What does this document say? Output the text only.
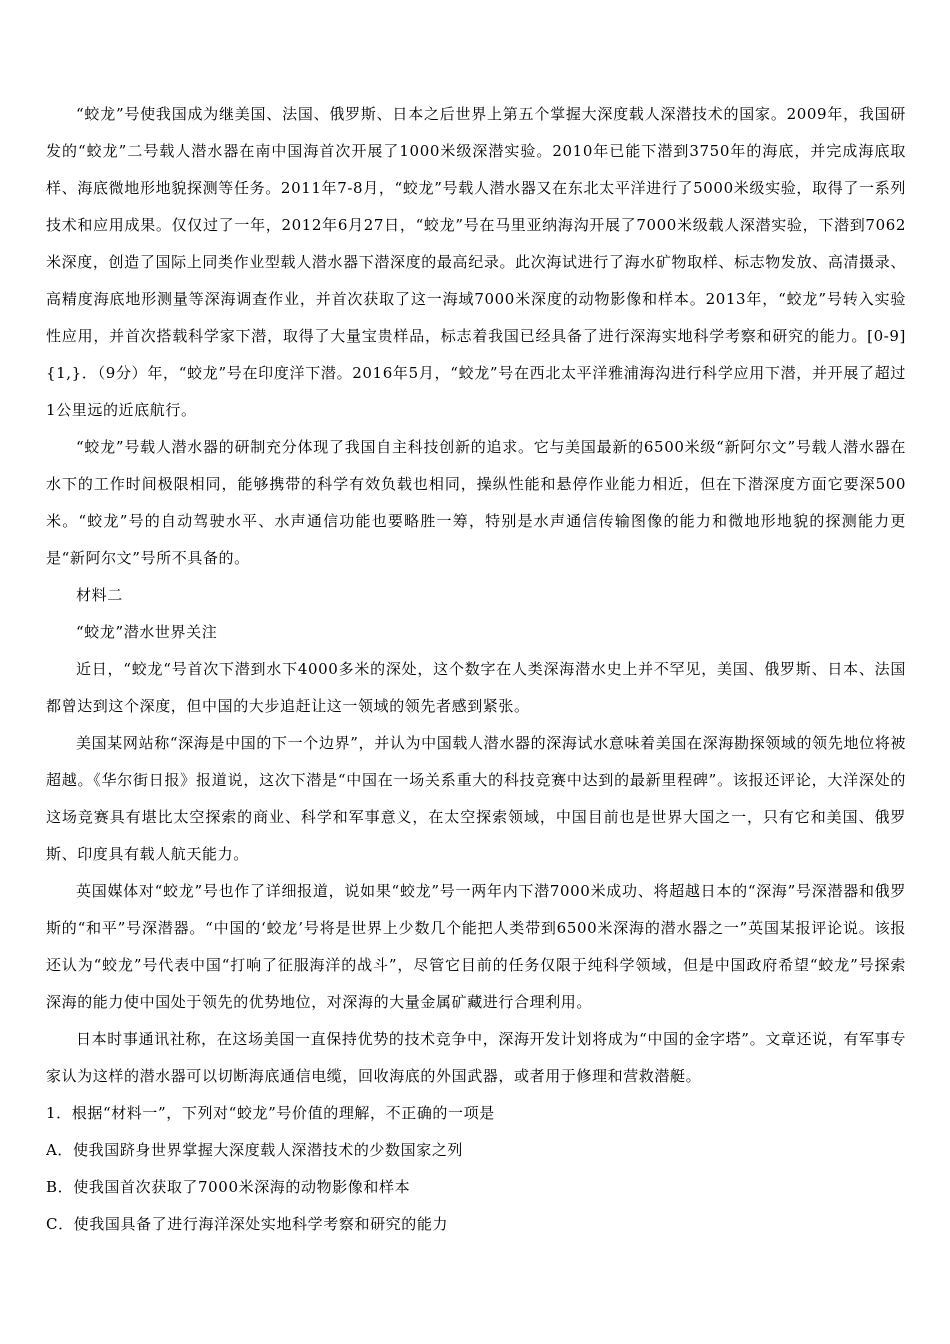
“蛟龙”号使我国成为继美国、法国、俄罗斯、日本之后世界上第五个掌握大深度载人深潜技术的国家。2009年，我国研发的“蛟龙”二号载人潜水器在南中国海首次开展了1000米级深潜实验。2010年已能下潜到3750年的海底，并完成海底取样、海底微地形地貌探测等任务。2011年7-8月，“蛟龙”号载人潜水器又在东北太平洋进行了5000米级实验，取得了一系列技术和应用成果。仅仅过了一年，2012年6月27日，“蛟龙”号在马里亚纳海沟开展了7000米级载人深潜实验，下潜到7062米深度，创造了国际上同类作业型载人潜水器下潜深度的最高纪录。此次海试进行了海水矿物取样、标志物发放、高清摄录、高精度海底地形测量等深海调查作业，并首次获取了这一海域7000米深度的动物影像和样本。2013年，“蛟龙”号转入实验性应用，并首次搭载科学家下潜，取得了大量宝贵样品，标志着我国已经具备了进行深海实地科学考察和研究的能力。[0-9]{1,}．（9分）年，“蛟龙”号在印度洋下潜。2016年5月，“蛟龙”号在西北太平洋雅浦海沟进行科学应用下潜，并开展了超过1公里远的近底航行。

“蛟龙”号载人潜水器的研制充分体现了我国自主科技创新的追求。它与美国最新的6500米级“新阿尔文”号载人潜水器在水下的工作时间极限相同，能够携带的科学有效负载也相同，操纵性能和悬停作业能力相近，但在下潜深度方面它要深500米。“蛟龙”号的自动驾驶水平、水声通信功能也要略胜一筹，特别是水声通信传输图像的能力和微地形地貌的探测能力更是“新阿尔文”号所不具备的。

材料二

“蛟龙”潜水世界关注

近日，“蛟龙“号首次下潜到水下4000多米的深处，这个数字在人类深海潜水史上并不罕见，美国、俄罗斯、日本、法国都曾达到这个深度，但中国的大步追赶让这一领域的领先者感到紧张。

美国某网站称“深海是中国的下一个边界”，并认为中国载人潜水器的深海试水意味着美国在深海勘探领域的领先地位将被超越。《华尔街日报》报道说，这次下潜是“中国在一场关系重大的科技竞赛中达到的最新里程碑”。该报还评论，大洋深处的这场竞赛具有堪比太空探索的商业、科学和军事意义，在太空探索领域，中国目前也是世界大国之一，只有它和美国、俄罗斯、印度具有载人航天能力。

英国媒体对“蛟龙”号也作了详细报道，说如果“蛟龙”号一两年内下潜7000米成功、将超越日本的“深海”号深潜器和俄罗斯的“和平”号深潜器。“中国的‘蛟龙’号将是世界上少数几个能把人类带到6500米深海的潜水器之一”英国某报评论说。该报还认为“蛟龙”号代表中国“打响了征服海洋的战斗”，尽管它目前的任务仅限于纯科学领域，但是中国政府希望“蛟龙”号探索深海的能力使中国处于领先的优势地位，对深海的大量金属矿藏进行合理利用。

日本时事通讯社称，在这场美国一直保持优势的技术竞争中，深海开发计划将成为“中国的金字塔”。文章还说，有军事专家认为这样的潜水器可以切断海底通信电缆，回收海底的外国武器，或者用于修理和营救潜艇。

1．根据“材料一”，下列对“蛟龙”号价值的理解，不正确的一项是

A．使我国跻身世界掌握大深度载人深潜技术的少数国家之列

B．使我国首次获取了7000米深海的动物影像和样本

C．使我国具备了进行海洋深处实地科学考察和研究的能力
